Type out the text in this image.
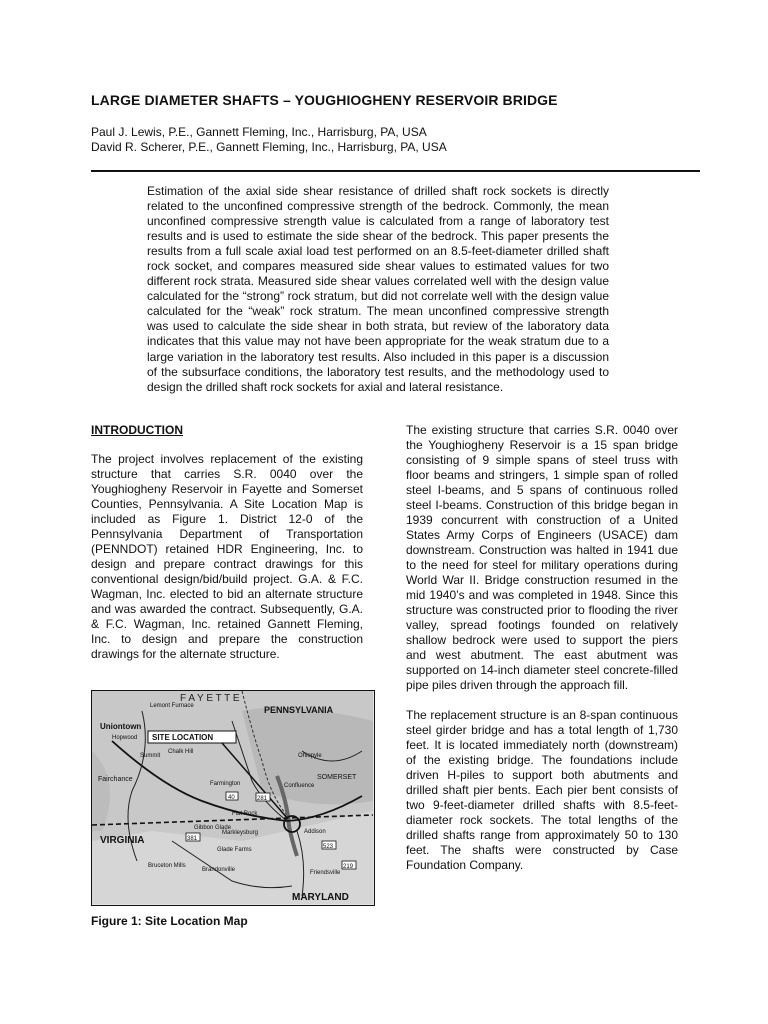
LARGE DIAMETER SHAFTS – YOUGHIOGHENY RESERVOIR BRIDGE
Paul J. Lewis, P.E., Gannett Fleming, Inc., Harrisburg, PA, USA
David R. Scherer, P.E., Gannett Fleming, Inc., Harrisburg, PA, USA

Estimation of the axial side shear resistance of drilled shaft rock sockets is directly related to the unconfined compressive strength of the bedrock. Commonly, the mean unconfined compressive strength value is calculated from a range of laboratory test results and is used to estimate the side shear of the bedrock. This paper presents the results from a full scale axial load test performed on an 8.5-feet-diameter drilled shaft rock socket, and compares measured side shear values to estimated values for two different rock strata. Measured side shear values correlated well with the design value calculated for the “strong” rock stratum, but did not correlate well with the design value calculated for the “weak” rock stratum. The mean unconfined compressive strength was used to calculate the side shear in both strata, but review of the laboratory data indicates that this value may not have been appropriate for the weak stratum due to a large variation in the laboratory test results. Also included in this paper is a discussion of the subsurface conditions, the laboratory test results, and the methodology used to design the drilled shaft rock sockets for axial and lateral resistance.

INTRODUCTION

The project involves replacement of the existing structure that carries S.R. 0040 over the Youghiogheny Reservoir in Fayette and Somerset Counties, Pennsylvania. A Site Location Map is included as Figure 1. District 12-0 of the Pennsylvania Department of Transportation (PENNDOT) retained HDR Engineering, Inc. to design and prepare contract drawings for this conventional design/bid/build project. G.A. & F.C. Wagman, Inc. elected to bid an alternate structure and was awarded the contract. Subsequently, G.A. & F.C. Wagman, Inc. retained Gannett Fleming, Inc. to design and prepare the construction drawings for the alternate structure.

The existing structure that carries S.R. 0040 over the Youghiogheny Reservoir is a 15 span bridge consisting of 9 simple spans of steel truss with floor beams and stringers, 1 simple span of rolled steel I-beams, and 5 spans of continuous rolled steel I-beams. Construction of this bridge began in 1939 concurrent with construction of a United States Army Corps of Engineers (USACE) dam downstream. Construction was halted in 1941 due to the need for steel for military operations during World War II. Bridge construction resumed in the mid 1940’s and was completed in 1948. Since this structure was constructed prior to flooding the river valley, spread footings founded on relatively shallow bedrock were used to support the piers and west abutment. The east abutment was supported on 14-inch diameter steel concrete-filled pipe piles driven through the approach fill.

The replacement structure is an 8-span continuous steel girder bridge and has a total length of 1,730 feet. It is located immediately north (downstream) of the existing bridge. The foundations include driven H-piles to support both abutments and drilled shaft pier bents. Each pier bent consists of two 9-feet-diameter drilled shafts with 8.5-feet-diameter rock sockets. The total lengths of the drilled shafts range from approximately 50 to 130 feet. The shafts were constructed by Case Foundation Company.

F A Y E T T E
PENNSYLVANIA
SITE LOCATION
Uniontown
Lemont Furnace
Hopwood
Summit
Chalk Hill
Fairchance
Farmington	Confluence
Flat Rock
Gibbon Glade
Markleysburg	Addison
Ohiopyle
SOMERSET
VIRGINIA
MARYLAND
Friendsville
Brandonville
Bruceton Mills
Glade Farms
40
381
281
523
219

Figure 1: Site Location Map
